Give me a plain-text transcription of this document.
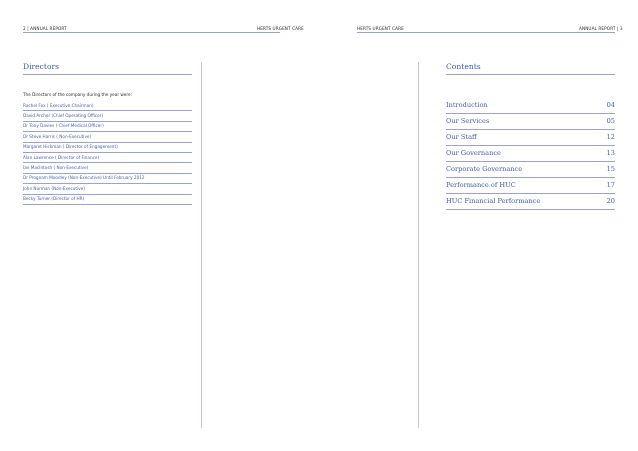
2 | ANNUAL REPORT	HERTS URGENT CARE	HERTS URGENT CARE	ANNUAL REPORT | 3
Directors
The Directors of the company during the year were:
Rachel Fox ( Executive Chairman)
David Archer (Chief Operating Officer)
Dr Tony Davies ( Chief Medical Officer)
Dr Steve Harris ( Non-Executive)
Margaret Hickman ( Director of Engagement)
Alan Lawrence ( Director of Finance)
Ian MacIntosh ( Non-Executive)
Dr Prognam Moodley (Non-Executive) Until February 2012
John Norman (Non-Executive)
Becky Turner (Director of HR)
Contents
Introduction	04
Our Services	05
Our Staff	12
Our Governance	13
Corporate Governance	15
Performance of HUC	17
HUC Financial Performance	20
